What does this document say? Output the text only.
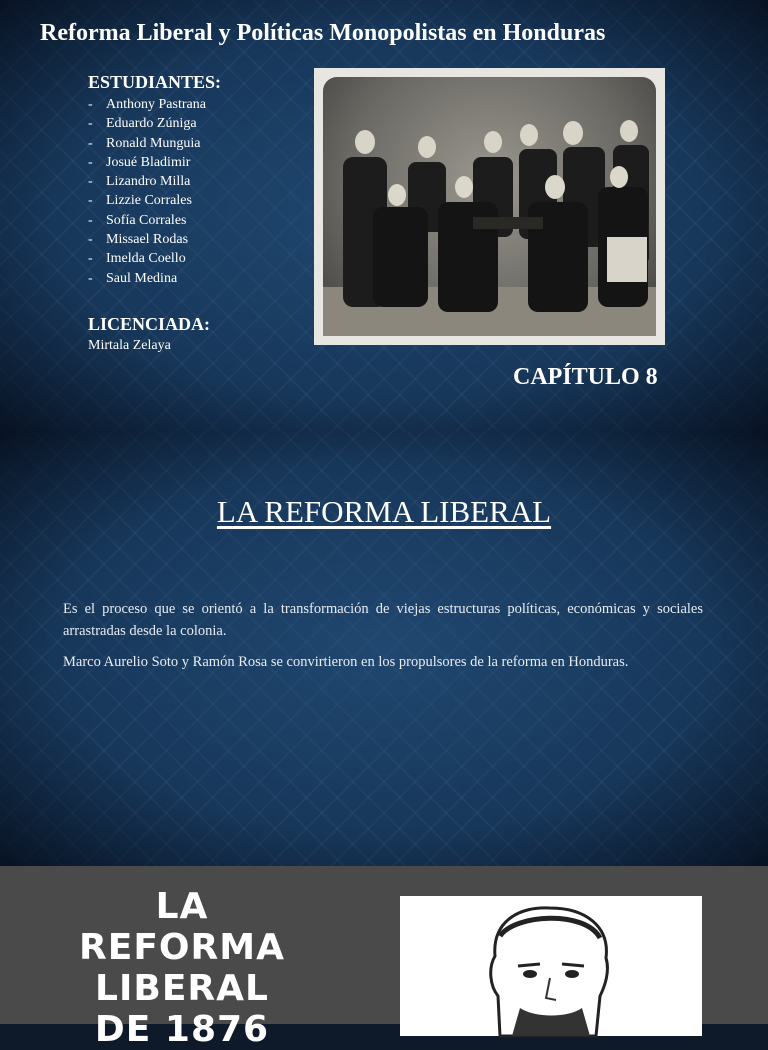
Reforma Liberal y Políticas Monopolistas en Honduras
ESTUDIANTES:
- Anthony Pastrana
- Eduardo Zúniga
- Ronald Munguia
- Josué Bladimir
- Lizandro Milla
- Lizzie Corrales
- Sofía Corrales
- Missael Rodas
- Imelda Coello
- Saul Medina
LICENCIADA:
Mirtala Zelaya
CAPÍTULO 8
LA REFORMA LIBERAL

Es el proceso que se orientó a la transformación de viejas estructuras políticas, económicas y sociales arrastradas desde la colonia.

Marco Aurelio Soto y Ramón Rosa se convirtieron en los propulsores de la reforma en Honduras.

LA
REFORMA
LIBERAL
DE 1876
